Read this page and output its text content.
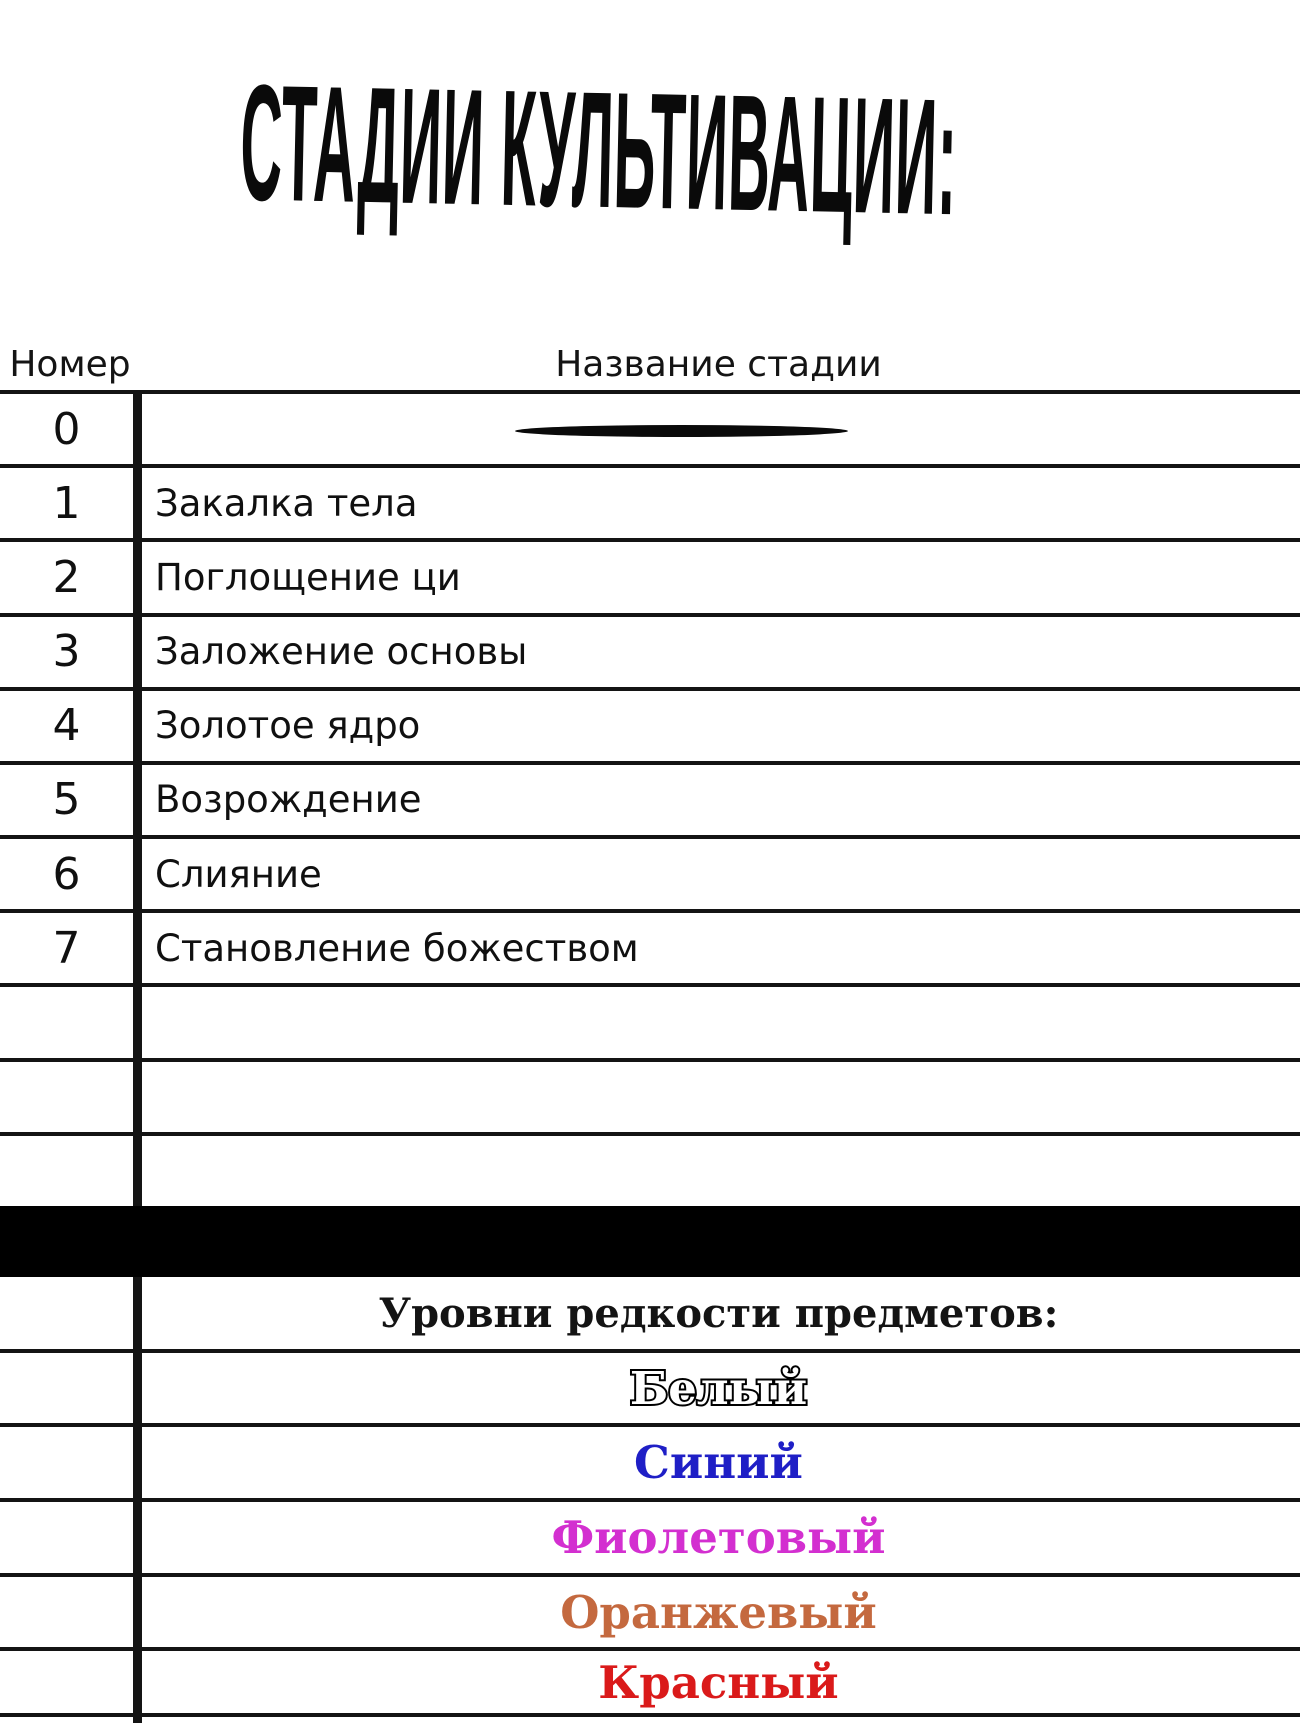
СТАДИИ КУЛЬТИВАЦИИ:
Номер	Название стадии
0
1	Закалка тела
2	Поглощение ци
3	Заложение основы
4	Золотое ядро
5	Возрождение
6	Слияние
7	Становление божеством
Уровни редкости предметов:
Белый
Синий
Фиолетовый
Оранжевый
Красный
